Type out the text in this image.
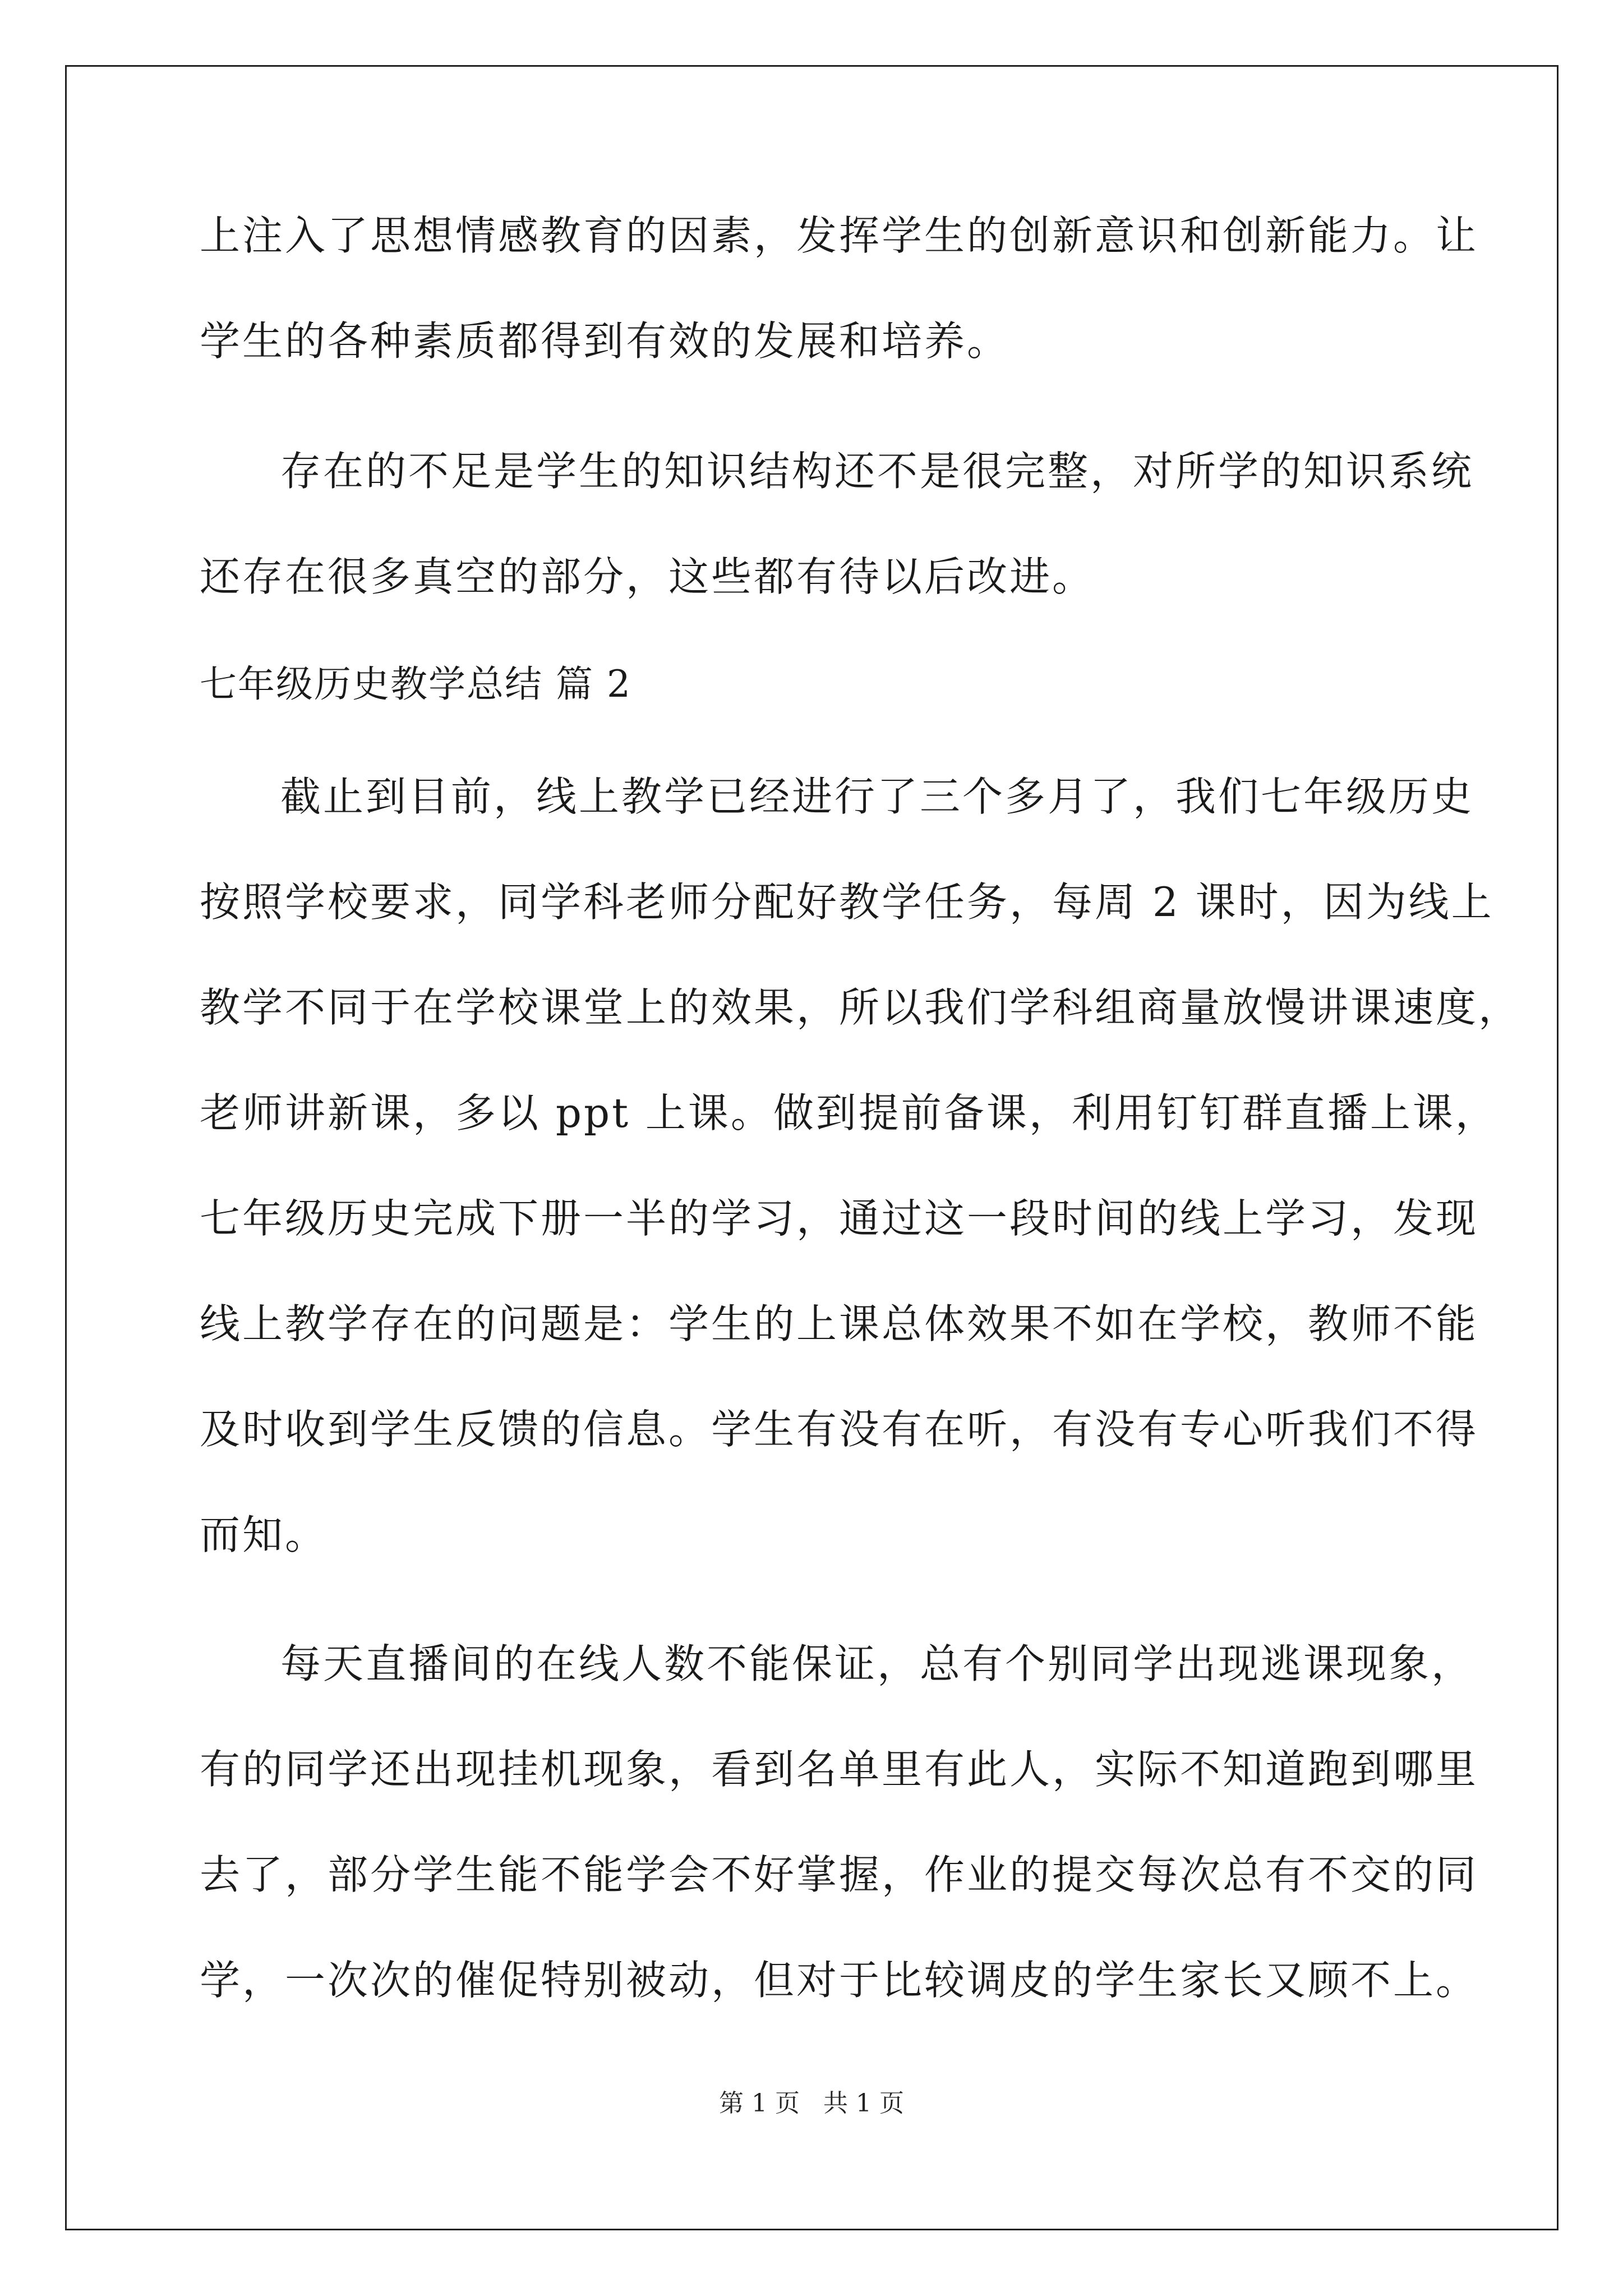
上注入了思想情感教育的因素，发挥学生的创新意识和创新能力。让
学生的各种素质都得到有效的发展和培养。
存在的不足是学生的知识结构还不是很完整，对所学的知识系统
还存在很多真空的部分，这些都有待以后改进。
七年级历史教学总结 篇 2
截止到目前，线上教学已经进行了三个多月了，我们七年级历史
按照学校要求，同学科老师分配好教学任务，每周 2 课时，因为线上
教学不同于在学校课堂上的效果，所以我们学科组商量放慢讲课速度，
老师讲新课，多以 ppt 上课。做到提前备课，利用钉钉群直播上课，
七年级历史完成下册一半的学习，通过这一段时间的线上学习，发现
线上教学存在的问题是：学生的上课总体效果不如在学校，教师不能
及时收到学生反馈的信息。学生有没有在听，有没有专心听我们不得
而知。
每天直播间的在线人数不能保证，总有个别同学出现逃课现象，
有的同学还出现挂机现象，看到名单里有此人，实际不知道跑到哪里
去了，部分学生能不能学会不好掌握，作业的提交每次总有不交的同
学，一次次的催促特别被动，但对于比较调皮的学生家长又顾不上。
第 1 页 共 1 页
